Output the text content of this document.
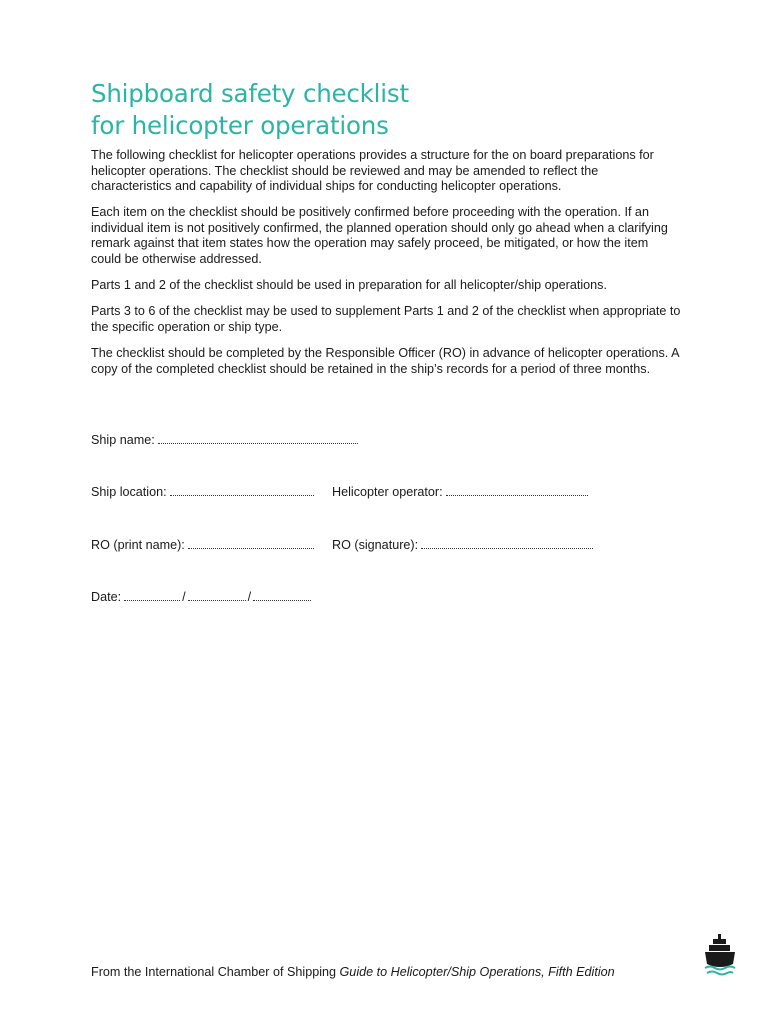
Shipboard safety checklist
for helicopter operations

The following checklist for helicopter operations provides a structure for the on board preparations for helicopter operations. The checklist should be reviewed and may be amended to reflect the characteristics and capability of individual ships for conducting helicopter operations.

Each item on the checklist should be positively confirmed before proceeding with the operation. If an individual item is not positively confirmed, the planned operation should only go ahead when a clarifying remark against that item states how the operation may safely proceed, be mitigated, or how the item could be otherwise addressed.

Parts 1 and 2 of the checklist should be used in preparation for all helicopter/ship operations.

Parts 3 to 6 of the checklist may be used to supplement Parts 1 and 2 of the checklist when appropriate to the specific operation or ship type.

The checklist should be completed by the Responsible Officer (RO) in advance of helicopter operations. A copy of the completed checklist should be retained in the ship’s records for a period of three months.

Ship name:
Ship location:	Helicopter operator:
RO (print name):	RO (signature):
Date:	/	/
From the International Chamber of Shipping Guide to Helicopter/Ship Operations, Fifth Edition
